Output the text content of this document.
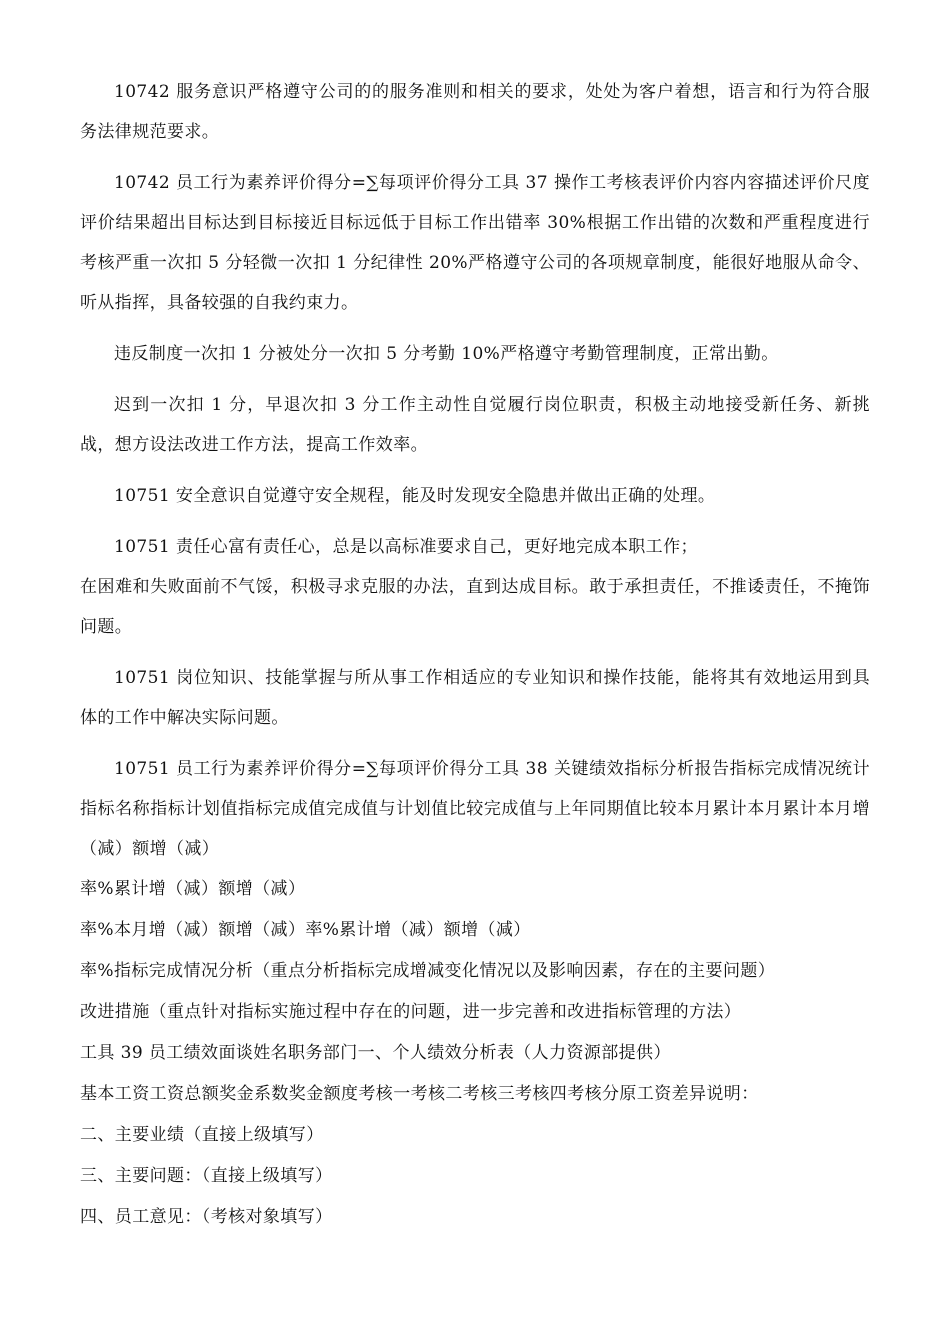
10742 服务意识严格遵守公司的的服务准则和相关的要求，处处为客户着想，语言和行为符合服务法律规范要求。

10742 员工行为素养评价得分=∑每项评价得分工具 37 操作工考核表评价内容内容描述评价尺度评价结果超出目标达到目标接近目标远低于目标工作出错率 30%根据工作出错的次数和严重程度进行考核严重一次扣 5 分轻微一次扣 1 分纪律性 20%严格遵守公司的各项规章制度，能很好地服从命令、听从指挥，具备较强的自我约束力。

违反制度一次扣 1 分被处分一次扣 5 分考勤 10%严格遵守考勤管理制度，正常出勤。

迟到一次扣 1 分，早退次扣 3 分工作主动性自觉履行岗位职责，积极主动地接受新任务、新挑战，想方设法改进工作方法，提高工作效率。

10751 安全意识自觉遵守安全规程，能及时发现安全隐患并做出正确的处理。

10751 责任心富有责任心，总是以高标准要求自己，更好地完成本职工作；
在困难和失败面前不气馁，积极寻求克服的办法，直到达成目标。敢于承担责任，不推诿责任，不掩饰问题。

10751 岗位知识、技能掌握与所从事工作相适应的专业知识和操作技能，能将其有效地运用到具体的工作中解决实际问题。

10751 员工行为素养评价得分=∑每项评价得分工具 38 关键绩效指标分析报告指标完成情况统计指标名称指标计划值指标完成值完成值与计划值比较完成值与上年同期值比较本月累计本月累计本月增（减）额增（减）

率%累计增（减）额增（减）

率%本月增（减）额增（减）率%累计增（减）额增（减）

率%指标完成情况分析（重点分析指标完成增减变化情况以及影响因素，存在的主要问题）

改进措施（重点针对指标实施过程中存在的问题，进一步完善和改进指标管理的方法）

工具 39 员工绩效面谈姓名职务部门一、个人绩效分析表（人力资源部提供）

基本工资工资总额奖金系数奖金额度考核一考核二考核三考核四考核分原工资差异说明：

二、主要业绩（直接上级填写）

三、主要问题：（直接上级填写）

四、员工意见：（考核对象填写）
